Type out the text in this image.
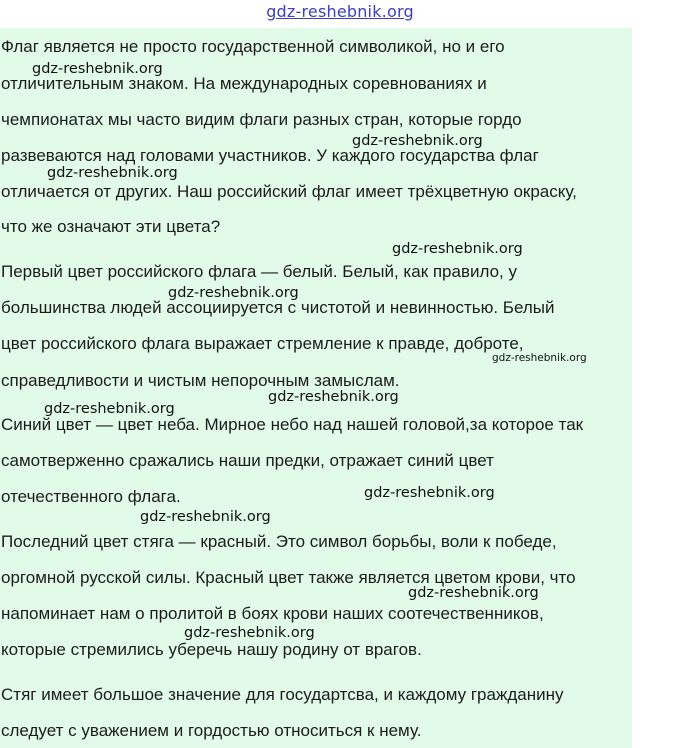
gdz-reshebnik.org
Флаг является не просто государственной символикой, но и его
отличительным знаком. На международных соревнованиях и
чемпионатах мы часто видим флаги разных стран, которые гордо
развеваются над головами участников. У каждого государства флаг
отличается от других. Наш российский флаг имеет трёхцветную окраску,
что же означают эти цвета?
Первый цвет российского флага — белый. Белый, как правило, у
большинства людей ассоциируется с чистотой и невинностью. Белый
цвет российского флага выражает стремление к правде, доброте,
справедливости и чистым непорочным замыслам.
Синий цвет — цвет неба. Мирное небо над нашей головой,за которое так
самотверженно сражались наши предки, отражает синий цвет
отечественного флага.
Последний цвет стяга — красный. Это символ борьбы, воли к победе,
оргомной русской силы. Красный цвет также является цветом крови, что
напоминает нам о пролитой в боях крови наших соотечественников,
которые стремились уберечь нашу родину от врагов.
Стяг имеет большое значение для государтсва, и каждому гражданину
следует с уважением и гордостью относиться к нему.
gdz-reshebnik.org
gdz-reshebnik.org
gdz-reshebnik.org
gdz-reshebnik.org
gdz-reshebnik.org
gdz-reshebnik.org
gdz-reshebnik.org
gdz-reshebnik.org
gdz-reshebnik.org
gdz-reshebnik.org
gdz-reshebnik.org
gdz-reshebnik.org
